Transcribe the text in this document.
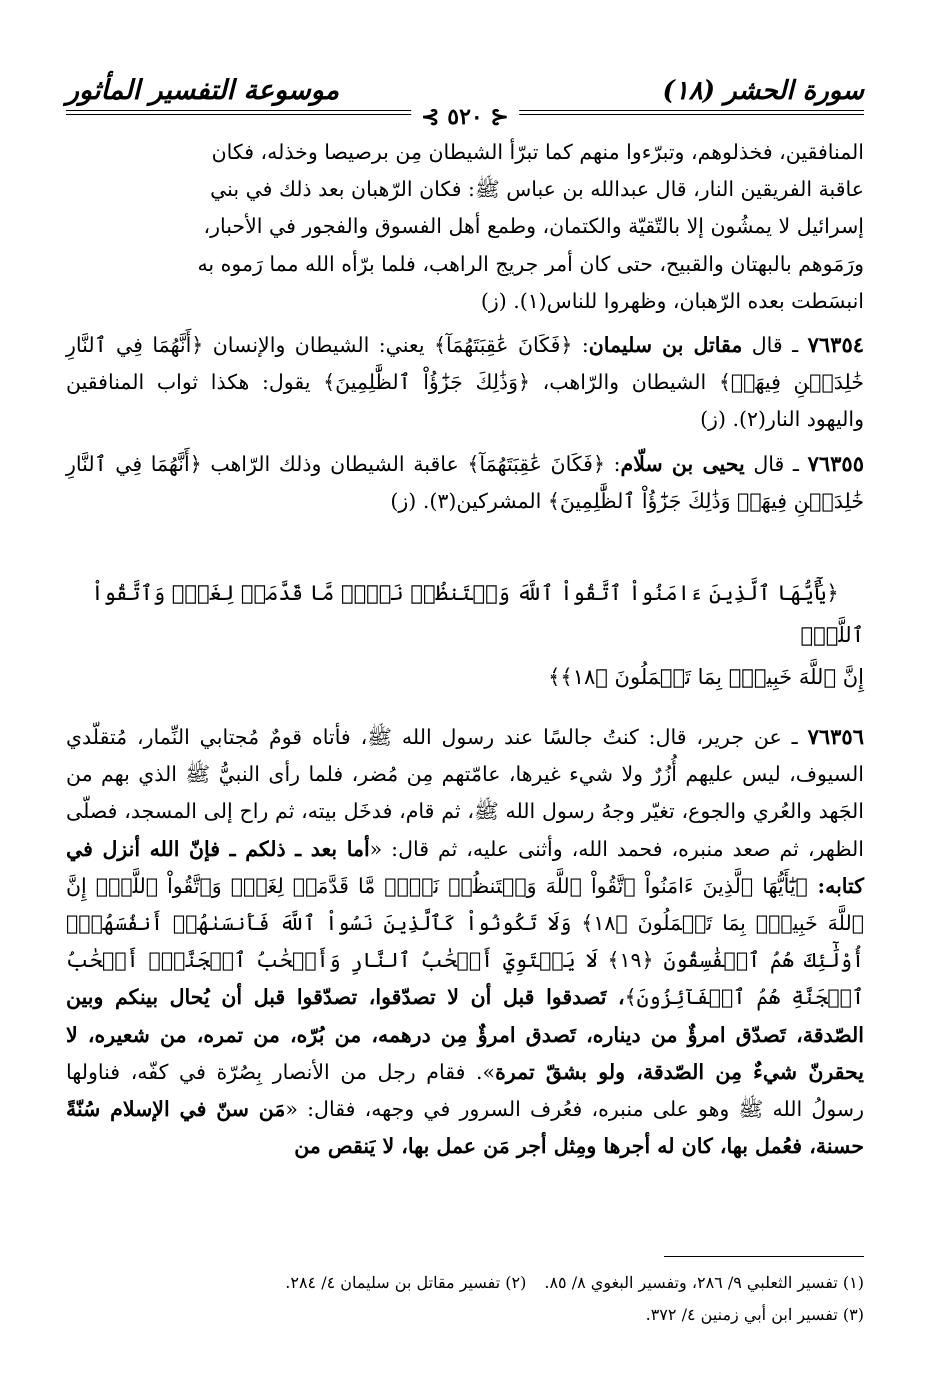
سورة الحشر (١٨)
موسوعة التفسير المأثور
⊰ ٥٢٠ ⊱

المنافقين، فخذلوهم، وتبرّءوا منهم كما تبرّأ الشيطان مِن برصيصا وخذله، فكان

عاقبة الفريقين النار، قال عبدالله بن عباس ﷺ: فكان الرّهبان بعد ذلك في بني

إسرائيل لا يمشُون إلا بالتّقيّة والكتمان، وطمع أهل الفسوق والفجور في الأحبار،

ورَمَوهم بالبهتان والقبيح، حتى كان أمر جريج الراهب، فلما برّأه الله مما رَموه به

انبسَطت بعده الرّهبان، وظهروا للناس(١). (ز)

٧٦٣٥٤ ـ قال مقاتل بن سليمان: ﴿فَكَانَ عَٰقِبَتَهُمَآ﴾ يعني: الشيطان والإنسان ﴿أَنَّهُمَا فِي ٱلنَّارِ خَٰلِدَيۡنِ فِيهَاۚ﴾ الشيطان والرّاهب، ﴿وَذَٰلِكَ جَزَٰٓؤُاْ ٱلظَّٰلِمِينَ﴾ يقول: هكذا ثواب المنافقين واليهود النار(٢). (ز)

٧٦٣٥٥ ـ قال يحيى بن سلّام: ﴿فَكَانَ عَٰقِبَتَهُمَآ﴾ عاقبة الشيطان وذلك الرّاهب ﴿أَنَّهُمَا فِي ٱلنَّارِ خَٰلِدَيۡنِ فِيهَاۚ وَذَٰلِكَ جَزَٰٓؤُاْ ٱلظَّٰلِمِينَ﴾ المشركين(٣). (ز)

﴿يَٰٓأَيُّهَا ٱلَّذِينَ ءَامَنُواْ ٱتَّقُواْ ٱللَّهَ وَلۡتَنظُرۡ نَفۡسٞ مَّا قَدَّمَتۡ لِغَدٖۖ وَٱتَّقُواْ ٱللَّهَۚ
إِنَّ ٱللَّهَ خَبِيرُۢ بِمَا تَعۡمَلُونَ ﴿١٨﴾﴾

٧٦٣٥٦ ـ عن جرير، قال: كنتُ جالسًا عند رسول الله ﷺ، فأتاه قومٌ مُجتابي النِّمار، مُتقلّدي السيوف، ليس عليهم أُزُرٌ ولا شيء غيرها، عامّتهم مِن مُضر، فلما رأى النبيُّ ﷺ الذي بهم من الجَهد والعُري والجوع، تغيّر وجهُ رسول الله ﷺ، ثم قام، فدخَل بيته، ثم راح إلى المسجد، فصلّى الظهر، ثم صعد منبره، فحمد الله، وأثنى عليه، ثم قال: «أما بعد ـ ذلكم ـ فإنّ الله أنزل في كتابه: ﴿يَٰٓأَيُّهَا ٱلَّذِينَ ءَامَنُواْ ٱتَّقُواْ ٱللَّهَ وَلۡتَنظُرۡ نَفۡسٞ مَّا قَدَّمَتۡ لِغَدٖۖ وَٱتَّقُواْ ٱللَّهَۚ إِنَّ ٱللَّهَ خَبِيرُۢ بِمَا تَعۡمَلُونَ ﴿١٨﴾ وَلَا تَكُونُواْ كَٱلَّذِينَ نَسُواْ ٱللَّهَ فَأَنسَىٰهُمۡ أَنفُسَهُمۡۚ أُوْلَٰٓئِكَ هُمُ ٱلۡفَٰسِقُونَ ﴿١٩﴾ لَا يَسۡتَوِيٓ أَصۡحَٰبُ ٱلنَّارِ وَأَصۡحَٰبُ ٱلۡجَنَّةِۚ أَصۡحَٰبُ ٱلۡجَنَّةِ هُمُ ٱلۡفَآئِزُونَ﴾، تَصدقوا قبل أن لا تصدّقوا، تصدّقوا قبل أن يُحال بينكم وبين الصّدقة، تَصدّق امرؤٌ من ديناره، تَصدق امرؤٌ مِن درهمه، من بُرّه، من تمره، من شعيره، لا يحقرنّ شيءٌ مِن الصّدقة، ولو بشقّ تمرة». فقام رجل من الأنصار بِصُرّة في كفّه، فناولها رسولُ الله ﷺ وهو على منبره، فعُرف السرور في وجهه، فقال: «مَن سنّ في الإسلام سُنّةً حسنة، فعُمل بها، كان له أجرها ومِثل أجر مَن عمل بها، لا يَنقص من

(١) تفسير الثعلبي ٩/ ٢٨٦، وتفسير البغوي ٨/ ٨٥.(٢) تفسير مقاتل بن سليمان ٤/ ٢٨٤.

(٣) تفسير ابن أبي زمنين ٤/ ٣٧٢.
